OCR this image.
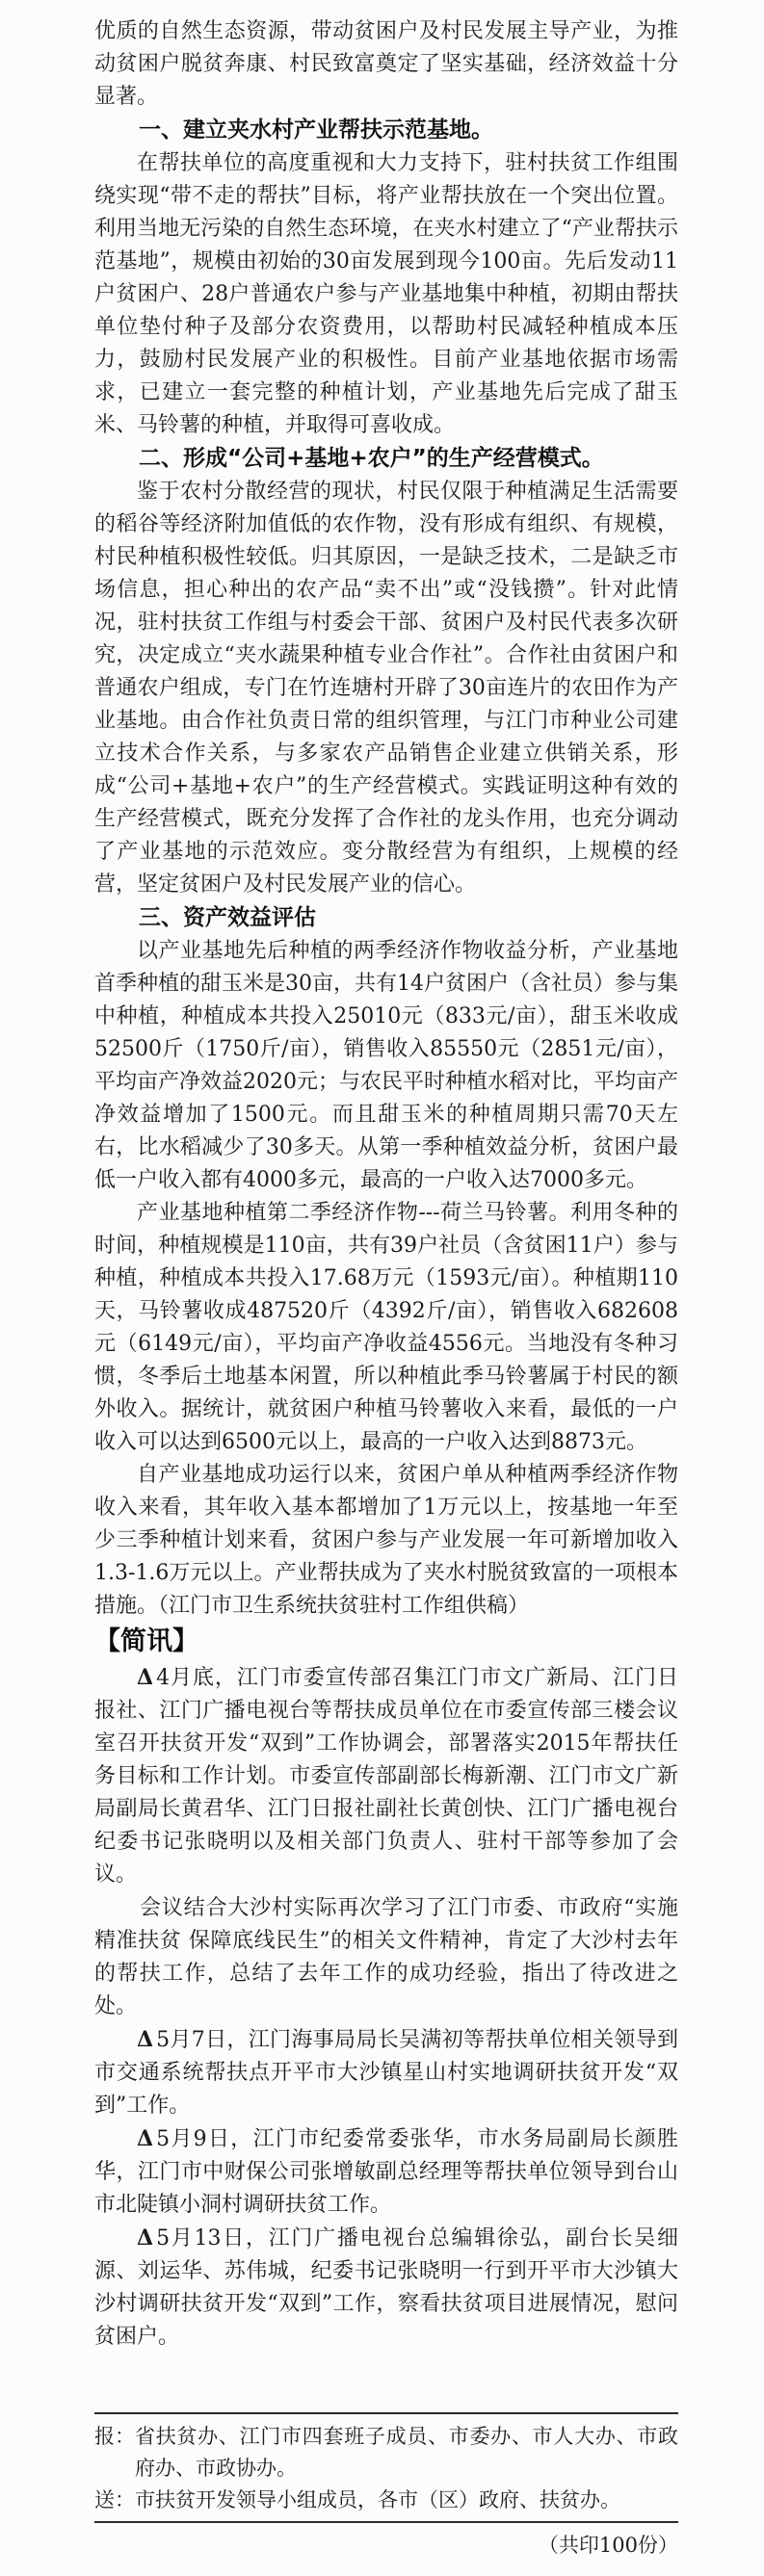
优质的自然生态资源，带动贫困户及村民发展主导产业，为推动贫困户脱贫奔康、村民致富奠定了坚实基础，经济效益十分显著。

一、建立夹水村产业帮扶示范基地。

在帮扶单位的高度重视和大力支持下，驻村扶贫工作组围绕实现“带不走的帮扶”目标，将产业帮扶放在一个突出位置。利用当地无污染的自然生态环境，在夹水村建立了“产业帮扶示范基地”，规模由初始的30亩发展到现今100亩。先后发动11户贫困户、28户普通农户参与产业基地集中种植，初期由帮扶单位垫付种子及部分农资费用，以帮助村民减轻种植成本压力，鼓励村民发展产业的积极性。目前产业基地依据市场需求，已建立一套完整的种植计划，产业基地先后完成了甜玉米、马铃薯的种植，并取得可喜收成。

二、形成“公司+基地+农户”的生产经营模式。

鉴于农村分散经营的现状，村民仅限于种植满足生活需要的稻谷等经济附加值低的农作物，没有形成有组织、有规模，村民种植积极性较低。归其原因，一是缺乏技术，二是缺乏市场信息，担心种出的农产品“卖不出”或“没钱攒”。针对此情况，驻村扶贫工作组与村委会干部、贫困户及村民代表多次研究，决定成立“夹水蔬果种植专业合作社”。合作社由贫困户和普通农户组成，专门在竹连塘村开辟了30亩连片的农田作为产业基地。由合作社负责日常的组织管理，与江门市种业公司建立技术合作关系，与多家农产品销售企业建立供销关系，形成“公司+基地+农户”的生产经营模式。实践证明这种有效的生产经营模式，既充分发挥了合作社的龙头作用，也充分调动了产业基地的示范效应。变分散经营为有组织，上规模的经营，坚定贫困户及村民发展产业的信心。

三、资产效益评估

以产业基地先后种植的两季经济作物收益分析，产业基地首季种植的甜玉米是30亩，共有14户贫困户（含社员）参与集中种植，种植成本共投入25010元（833元/亩），甜玉米收成52500斤（1750斤/亩），销售收入85550元（2851元/亩），平均亩产净效益2020元；与农民平时种植水稻对比，平均亩产净效益增加了1500元。而且甜玉米的种植周期只需70天左右，比水稻减少了30多天。从第一季种植效益分析，贫困户最低一户收入都有4000多元，最高的一户收入达7000多元。

产业基地种植第二季经济作物---荷兰马铃薯。利用冬种的时间，种植规模是110亩，共有39户社员（含贫困11户）参与种植，种植成本共投入17.68万元（1593元/亩）。种植期110天，马铃薯收成487520斤（4392斤/亩），销售收入682608元（6149元/亩），平均亩产净收益4556元。当地没有冬种习惯，冬季后土地基本闲置，所以种植此季马铃薯属于村民的额外收入。据统计，就贫困户种植马铃薯收入来看，最低的一户收入可以达到6500元以上，最高的一户收入达到8873元。

自产业基地成功运行以来，贫困户单从种植两季经济作物收入来看，其年收入基本都增加了1万元以上，按基地一年至少三季种植计划来看，贫困户参与产业发展一年可新增加收入1.3-1.6万元以上。产业帮扶成为了夹水村脱贫致富的一项根本措施。（江门市卫生系统扶贫驻村工作组供稿）

【简讯】

Δ 4月底，江门市委宣传部召集江门市文广新局、江门日报社、江门广播电视台等帮扶成员单位在市委宣传部三楼会议室召开扶贫开发“双到”工作协调会，部署落实2015年帮扶任务目标和工作计划。市委宣传部副部长梅新潮、江门市文广新局副局长黄君华、江门日报社副社长黄创快、江门广播电视台纪委书记张晓明以及相关部门负责人、驻村干部等参加了会议。

会议结合大沙村实际再次学习了江门市委、市政府“实施精准扶贫 保障底线民生”的相关文件精神，肯定了大沙村去年的帮扶工作，总结了去年工作的成功经验，指出了待改进之处。

Δ 5月7日，江门海事局局长吴满初等帮扶单位相关领导到市交通系统帮扶点开平市大沙镇星山村实地调研扶贫开发“双到”工作。

Δ 5月9日，江门市纪委常委张华，市水务局副局长颜胜华，江门市中财保公司张增敏副总经理等帮扶单位领导到台山市北陡镇小洞村调研扶贫工作。

Δ 5月13日，江门广播电视台总编辑徐弘，副台长吴细源、刘运华、苏伟城，纪委书记张晓明一行到开平市大沙镇大沙村调研扶贫开发“双到”工作，察看扶贫项目进展情况，慰问贫困户。

报： 省扶贫办、江门市四套班子成员、市委办、市人大办、市政府办、市政协办。
送： 市扶贫开发领导小组成员，各市（区）政府、扶贫办。
（共印100份）
